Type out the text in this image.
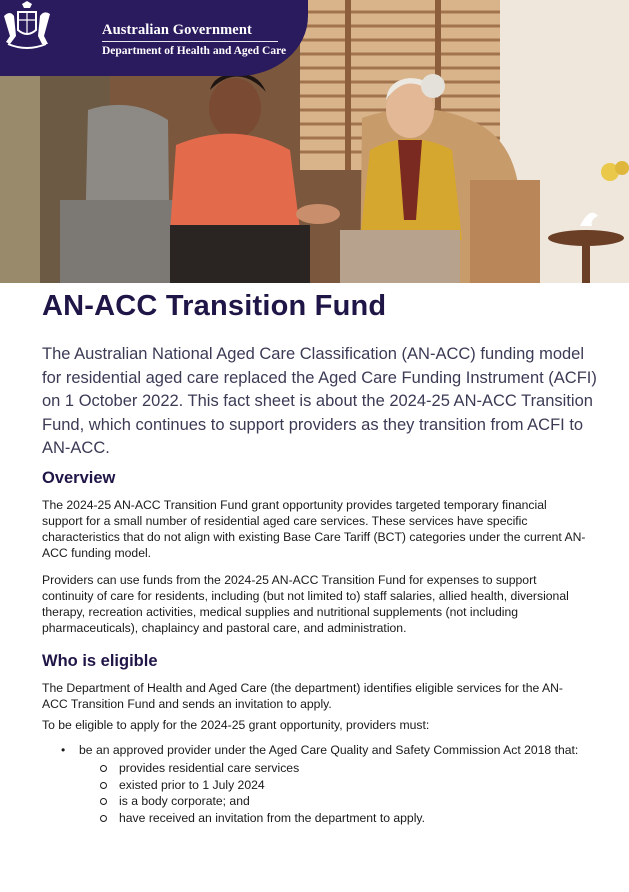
Australian Government
Department of Health and Aged Care
AN-ACC Transition Fund

The Australian National Aged Care Classification (AN-ACC) funding model for residential aged care replaced the Aged Care Funding Instrument (ACFI) on 1 October 2022. This fact sheet is about the 2024-25 AN-ACC Transition Fund, which continues to support providers as they transition from ACFI to AN-ACC.

Overview

The 2024-25 AN-ACC Transition Fund grant opportunity provides targeted temporary financial support for a small number of residential aged care services. These services have specific characteristics that do not align with existing Base Care Tariff (BCT) categories under the current AN-ACC funding model.

Providers can use funds from the 2024-25 AN-ACC Transition Fund for expenses to support continuity of care for residents, including (but not limited to) staff salaries, allied health, diversional therapy, recreation activities, medical supplies and nutritional supplements (not including pharmaceuticals), chaplaincy and pastoral care, and administration.

Who is eligible

The Department of Health and Aged Care (the department) identifies eligible services for the AN-ACC Transition Fund and sends an invitation to apply.

To be eligible to apply for the 2024-25 grant opportunity, providers must:

• be an approved provider under the Aged Care Quality and Safety Commission Act 2018 that:
provides residential care services
existed prior to 1 July 2024
is a body corporate; and
have received an invitation from the department to apply.
